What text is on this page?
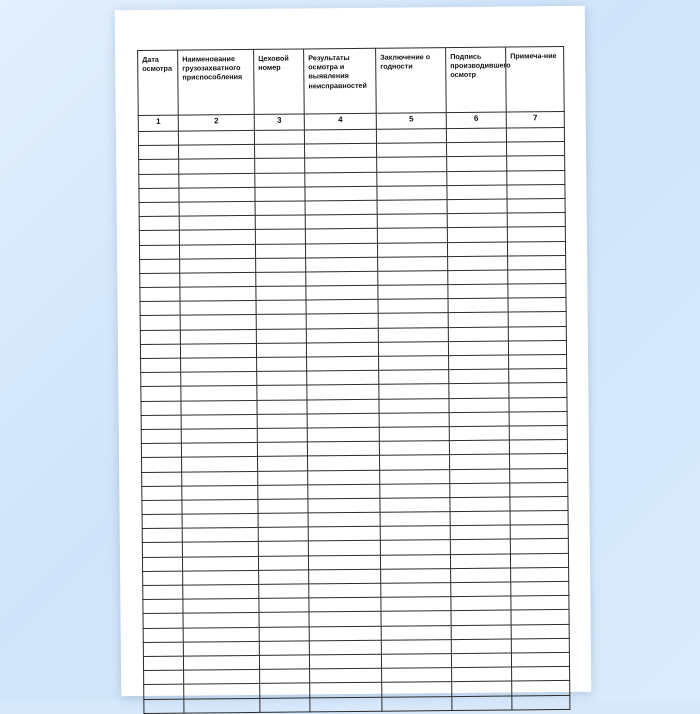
Дата осмотра	Наименование грузозахватного приспособления	Цеховой номер	Результаты осмотра и выявления неисправностей	Заключение о годности	Подпись производившего осмотр	Примеча-ние
1	2	3	4	5	6	7
